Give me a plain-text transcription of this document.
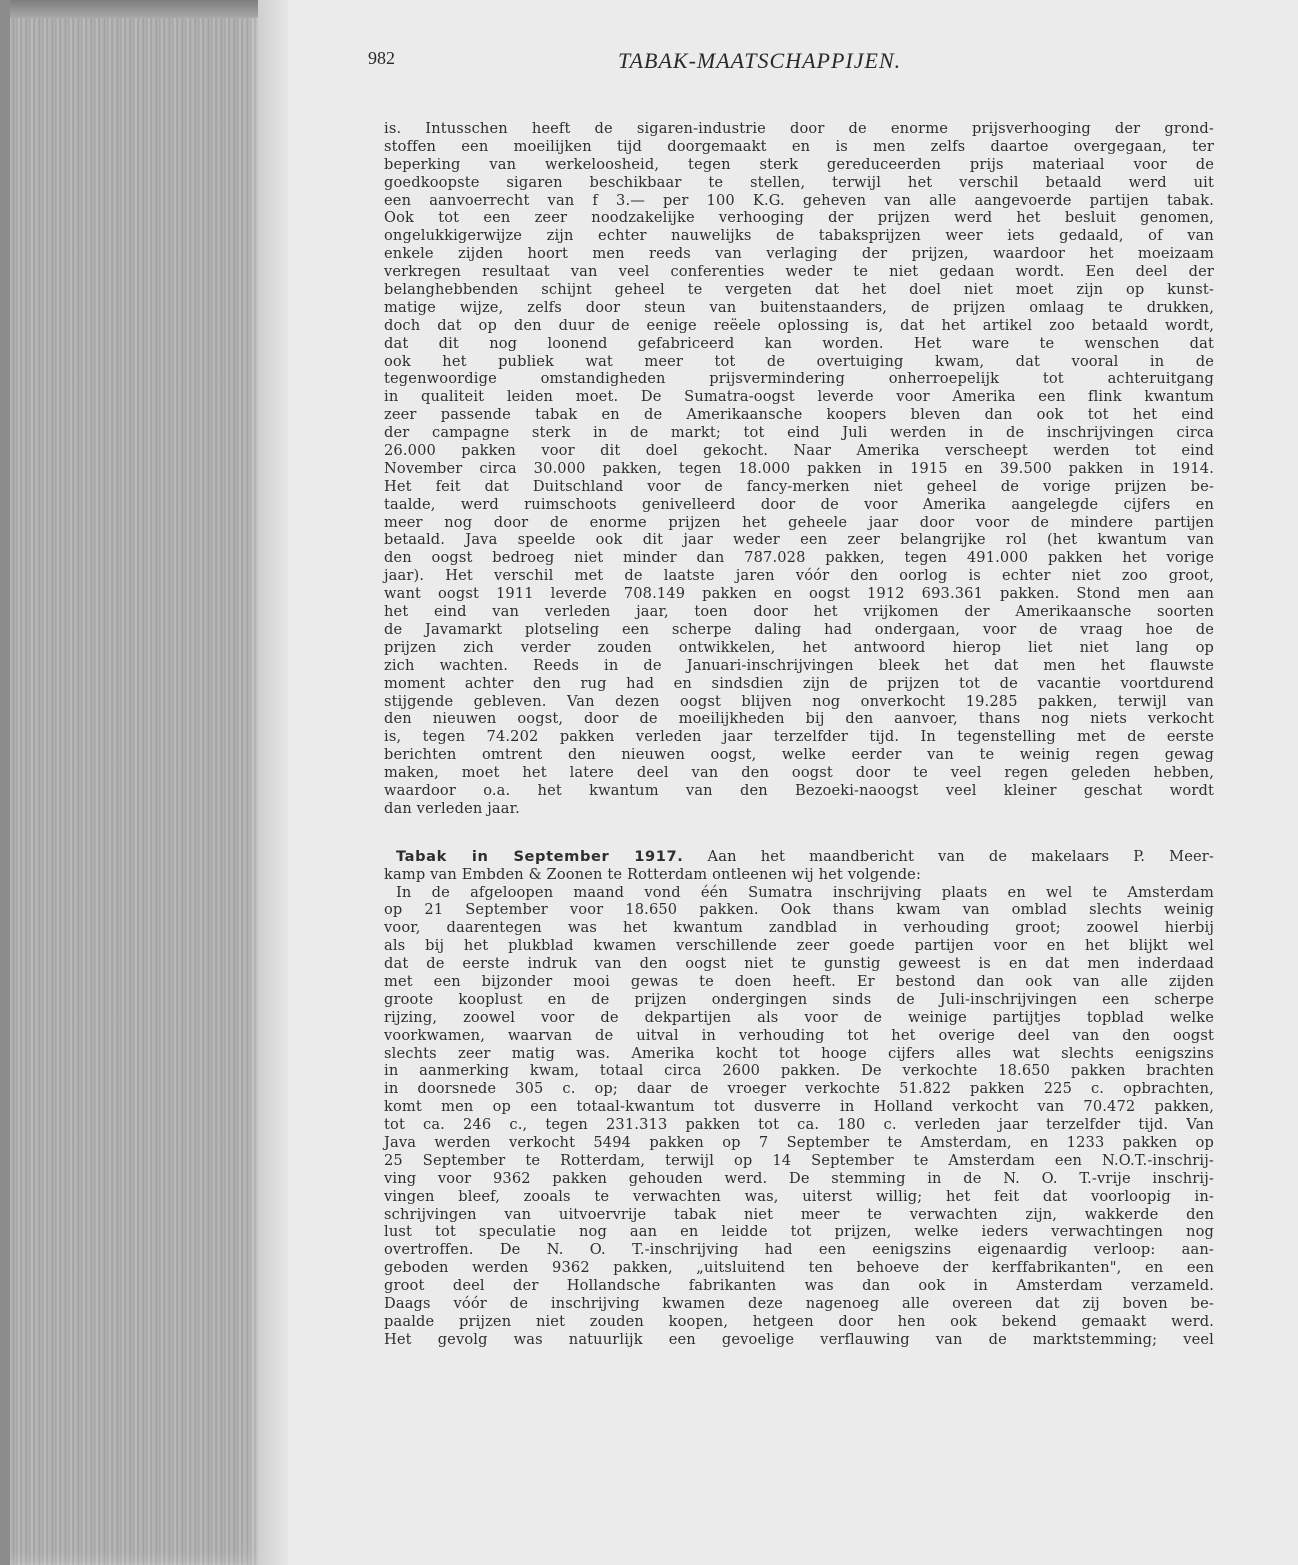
982	TABAK-MAATSCHAPPIJEN.
is. Intusschen heeft de sigaren-industrie door de enorme prijsverhooging der grond-
stoffen een moeilijken tijd doorgemaakt en is men zelfs daartoe overgegaan, ter
beperking van werkeloosheid, tegen sterk gereduceerden prijs materiaal voor de
goedkoopste sigaren beschikbaar te stellen, terwijl het verschil betaald werd uit
een aanvoerrecht van f 3.— per 100 K.G. geheven van alle aangevoerde partijen tabak.
Ook tot een zeer noodzakelijke verhooging der prijzen werd het besluit genomen,
ongelukkigerwijze zijn echter nauwelijks de tabaksprijzen weer iets gedaald, of van
enkele zijden hoort men reeds van verlaging der prijzen, waardoor het moeizaam
verkregen resultaat van veel conferenties weder te niet gedaan wordt. Een deel der
belanghebbenden schijnt geheel te vergeten dat het doel niet moet zijn op kunst-
matige wijze, zelfs door steun van buitenstaanders, de prijzen omlaag te drukken,
doch dat op den duur de eenige reëele oplossing is, dat het artikel zoo betaald wordt,
dat dit nog loonend gefabriceerd kan worden. Het ware te wenschen dat
ook het publiek wat meer tot de overtuiging kwam, dat vooral in de
tegenwoordige omstandigheden prijsvermindering onherroepelijk tot achteruitgang
in qualiteit leiden moet. De Sumatra-oogst leverde voor Amerika een flink kwantum
zeer passende tabak en de Amerikaansche koopers bleven dan ook tot het eind
der campagne sterk in de markt; tot eind Juli werden in de inschrijvingen circa
26.000 pakken voor dit doel gekocht. Naar Amerika verscheept werden tot eind
November circa 30.000 pakken, tegen 18.000 pakken in 1915 en 39.500 pakken in 1914.
Het feit dat Duitschland voor de fancy-merken niet geheel de vorige prijzen be-
taalde, werd ruimschoots genivelleerd door de voor Amerika aangelegde cijfers en
meer nog door de enorme prijzen het geheele jaar door voor de mindere partijen
betaald. Java speelde ook dit jaar weder een zeer belangrijke rol (het kwantum van
den oogst bedroeg niet minder dan 787.028 pakken, tegen 491.000 pakken het vorige
jaar). Het verschil met de laatste jaren vóór den oorlog is echter niet zoo groot,
want oogst 1911 leverde 708.149 pakken en oogst 1912 693.361 pakken. Stond men aan
het eind van verleden jaar, toen door het vrijkomen der Amerikaansche soorten
de Javamarkt plotseling een scherpe daling had ondergaan, voor de vraag hoe de
prijzen zich verder zouden ontwikkelen, het antwoord hierop liet niet lang op
zich wachten. Reeds in de Januari-inschrijvingen bleek het dat men het flauwste
moment achter den rug had en sindsdien zijn de prijzen tot de vacantie voortdurend
stijgende gebleven. Van dezen oogst blijven nog onverkocht 19.285 pakken, terwijl van
den nieuwen oogst, door de moeilijkheden bij den aanvoer, thans nog niets verkocht
is, tegen 74.202 pakken verleden jaar terzelfder tijd. In tegenstelling met de eerste
berichten omtrent den nieuwen oogst, welke eerder van te weinig regen gewag
maken, moet het latere deel van den oogst door te veel regen geleden hebben,
waardoor o.a. het kwantum van den Bezoeki-naoogst veel kleiner geschat wordt
dan verleden jaar.
Tabak in September 1917. Aan het maandbericht van de makelaars P. Meer-
kamp van Embden & Zoonen te Rotterdam ontleenen wij het volgende:
In de afgeloopen maand vond één Sumatra inschrijving plaats en wel te Amsterdam
op 21 September voor 18.650 pakken. Ook thans kwam van omblad slechts weinig
voor, daarentegen was het kwantum zandblad in verhouding groot; zoowel hierbij
als bij het plukblad kwamen verschillende zeer goede partijen voor en het blijkt wel
dat de eerste indruk van den oogst niet te gunstig geweest is en dat men inderdaad
met een bijzonder mooi gewas te doen heeft. Er bestond dan ook van alle zijden
groote kooplust en de prijzen ondergingen sinds de Juli-inschrijvingen een scherpe
rijzing, zoowel voor de dekpartijen als voor de weinige partijtjes topblad welke
voorkwamen, waarvan de uitval in verhouding tot het overige deel van den oogst
slechts zeer matig was. Amerika kocht tot hooge cijfers alles wat slechts eenigszins
in aanmerking kwam, totaal circa 2600 pakken. De verkochte 18.650 pakken brachten
in doorsnede 305 c. op; daar de vroeger verkochte 51.822 pakken 225 c. opbrachten,
komt men op een totaal-kwantum tot dusverre in Holland verkocht van 70.472 pakken,
tot ca. 246 c., tegen 231.313 pakken tot ca. 180 c. verleden jaar terzelfder tijd. Van
Java werden verkocht 5494 pakken op 7 September te Amsterdam, en 1233 pakken op
25 September te Rotterdam, terwijl op 14 September te Amsterdam een N.O.T.-inschrij-
ving voor 9362 pakken gehouden werd. De stemming in de N. O. T.-vrije inschrij-
vingen bleef, zooals te verwachten was, uiterst willig; het feit dat voorloopig in-
schrijvingen van uitvoervrije tabak niet meer te verwachten zijn, wakkerde den
lust tot speculatie nog aan en leidde tot prijzen, welke ieders verwachtingen nog
overtroffen. De N. O. T.-inschrijving had een eenigszins eigenaardig verloop: aan-
geboden werden 9362 pakken, „uitsluitend ten behoeve der kerffabrikanten", en een
groot deel der Hollandsche fabrikanten was dan ook in Amsterdam verzameld.
Daags vóór de inschrijving kwamen deze nagenoeg alle overeen dat zij boven be-
paalde prijzen niet zouden koopen, hetgeen door hen ook bekend gemaakt werd.
Het gevolg was natuurlijk een gevoelige verflauwing van de marktstemming; veel
